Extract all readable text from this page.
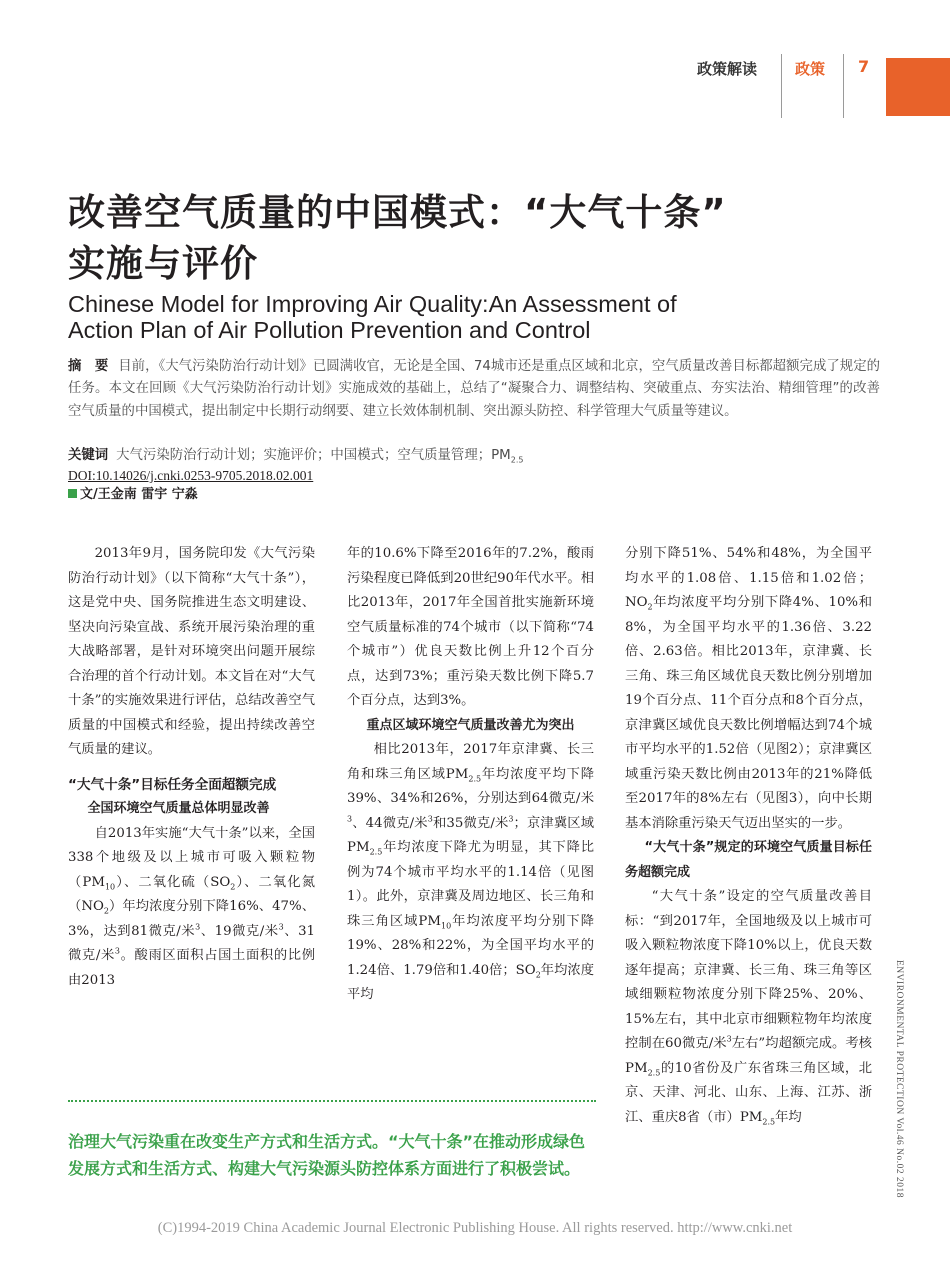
政策解读	政策 7
改善空气质量的中国模式：“大气十条”
实施与评价
Chinese Model for Improving Air Quality:An Assessment of
Action Plan of Air Pollution Prevention and Control
摘　要 目前，《大气污染防治行动计划》已圆满收官，无论是全国、74城市还是重点区域和北京，空气质量改善目标都超额完成了规定的任务。本文在回顾《大气污染防治行动计划》实施成效的基础上，总结了“凝聚合力、调整结构、突破重点、夯实法治、精细管理”的改善空气质量的中国模式，提出制定中长期行动纲要、建立长效体制机制、突出源头防控、科学管理大气质量等建议。
关键词 大气污染防治行动计划；实施评价；中国模式；空气质量管理；$PM_{2.5}$
DOI:10.14026/j.cnki.0253-9705.2018.02.001
文/王金南 雷宇 宁淼

2013年9月，国务院印发《大气污染防治行动计划》（以下简称“大气十条”），这是党中央、国务院推进生态文明建设、坚决向污染宣战、系统开展污染治理的重大战略部署，是针对环境突出问题开展综合治理的首个行动计划。本文旨在对“大气十条”的实施效果进行评估，总结改善空气质量的中国模式和经验，提出持续改善空气质量的建议。

“大气十条”目标任务全面超额完成

全国环境空气质量总体明显改善

自2013年实施“大气十条”以来，全国338个地级及以上城市可吸入颗粒物$(PM_{10})$、二氧化硫$(SO_2)$、二氧化氮$(NO_2)$年均浓度分别下降16%、47%、3%，达到81微克/米$^3$、19微克/米$^3$、31微克/米$^3$。酸雨区面积占国土面积的比例由2013

年的10.6%下降至2016年的7.2%，酸雨污染程度已降低到20世纪90年代水平。相比2013年，2017年全国首批实施新环境空气质量标准的74个城市（以下简称“74个城市”）优良天数比例上升12个百分点，达到73%；重污染天数比例下降5.7个百分点，达到3%。

重点区域环境空气质量改善尤为突出

相比2013年，2017年京津冀、长三角和珠三角区域$PM_{2.5}$年均浓度平均下降39%、34%和26%，分别达到64微克/米$^3$、44微克/米$^3$和35微克/米$^3$；京津冀区域$PM_{2.5}$年均浓度下降尤为明显，其下降比例为74个城市平均水平的1.14倍（见图1）。此外，京津冀及周边地区、长三角和珠三角区域$PM_{10}$年均浓度平均分别下降19%、28%和22%，为全国平均水平的1.24倍、1.79倍和1.40倍；$SO_2$年均浓度平均

分别下降51%、54%和48%，为全国平均水平的1.08倍、1.15倍和1.02倍；$NO_2$年均浓度平均分别下降4%、10%和8%，为全国平均水平的1.36倍、3.22倍、2.63倍。相比2013年，京津冀、长三角、珠三角区域优良天数比例分别增加19个百分点、11个百分点和8个百分点，京津冀区域优良天数比例增幅达到74个城市平均水平的1.52倍（见图2）；京津冀区域重污染天数比例由2013年的21%降低至2017年的8%左右（见图3），向中长期基本消除重污染天气迈出坚实的一步。

“大气十条”规定的环境空气质量目标任务超额完成

“大气十条”设定的空气质量改善目标：“到2017年，全国地级及以上城市可吸入颗粒物浓度下降10%以上，优良天数逐年提高；京津冀、长三角、珠三角等区域细颗粒物浓度分别下降25%、20%、15%左右，其中北京市细颗粒物年均浓度控制在60微克/米$^3$左右”均超额完成。考核$PM_{2.5}$的10省份及广东省珠三角区域，北京、天津、河北、山东、上海、江苏、浙江、重庆8省（市）$PM_{2.5}$年均

治理大气污染重在改变生产方式和生活方式。“大气十条”在推动形成绿色发展方式和生活方式、构建大气污染源头防控体系方面进行了积极尝试。	ENVIRONMENTAL PROTECTION Vol.46 No.02 2018
(C)1994-2019 China Academic Journal Electronic Publishing House. All rights reserved. http://www.cnki.net
